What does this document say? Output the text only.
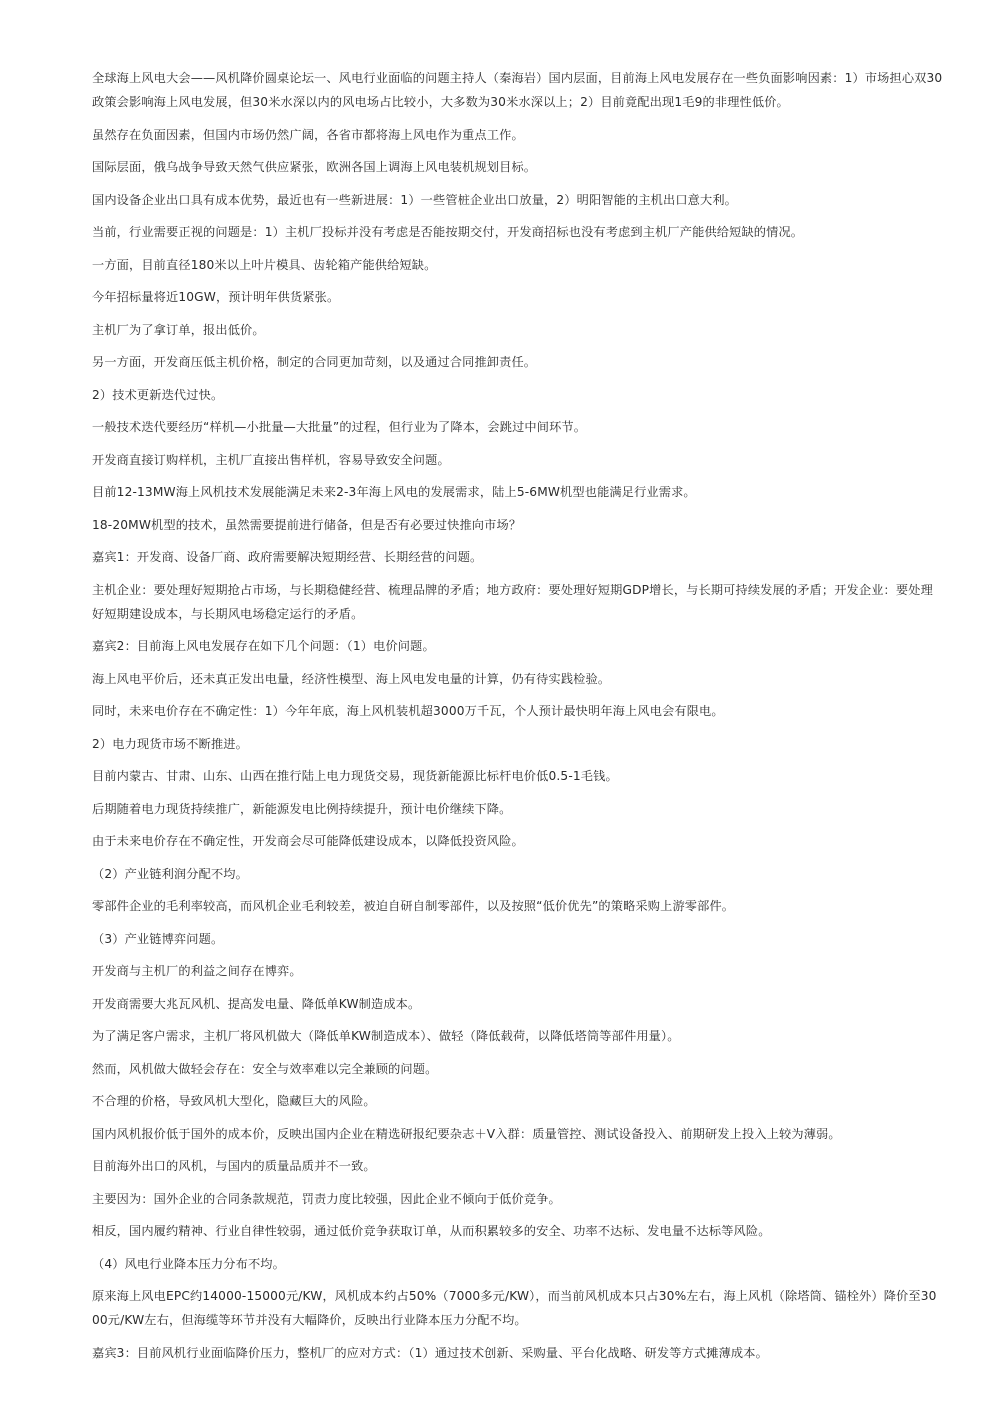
全球海上风电大会——风机降价圆桌论坛一、风电行业面临的问题主持人（秦海岩）国内层面，目前海上风电发展存在一些负面影响因素：1）市场担心双30政策会影响海上风电发展，但30米水深以内的风电场占比较小，大多数为30米水深以上；2）目前竟配出现1毛9的非理性低价。

虽然存在负面因素，但国内市场仍然广阔，各省市都将海上风电作为重点工作。

国际层面，俄乌战争导致天然气供应紧张，欧洲各国上调海上风电装机规划目标。

国内设备企业出口具有成本优势，最近也有一些新进展：1）一些管桩企业出口放量，2）明阳智能的主机出口意大利。

当前，行业需要正视的问题是：1）主机厂投标并没有考虑是否能按期交付，开发商招标也没有考虑到主机厂产能供给短缺的情况。

一方面，目前直径180米以上叶片模具、齿轮箱产能供给短缺。

今年招标量将近10GW，预计明年供货紧张。

主机厂为了拿订单，报出低价。

另一方面，开发商压低主机价格，制定的合同更加苛刻，以及通过合同推卸责任。

2）技术更新迭代过快。

一般技术迭代要经历“样机—小批量—大批量”的过程，但行业为了降本，会跳过中间环节。

开发商直接订购样机，主机厂直接出售样机，容易导致安全问题。

目前12-13MW海上风机技术发展能满足未来2-3年海上风电的发展需求，陆上5-6MW机型也能满足行业需求。

18-20MW机型的技术，虽然需要提前进行储备，但是否有必要过快推向市场？

嘉宾1：开发商、设备厂商、政府需要解决短期经营、长期经营的问题。

主机企业：要处理好短期抢占市场，与长期稳健经营、梳理品牌的矛盾；地方政府：要处理好短期GDP增长，与长期可持续发展的矛盾；开发企业：要处理好短期建设成本，与长期风电场稳定运行的矛盾。

嘉宾2：目前海上风电发展存在如下几个问题：（1）电价问题。

海上风电平价后，还未真正发出电量，经济性模型、海上风电发电量的计算，仍有待实践检验。

同时，未来电价存在不确定性：1）今年年底，海上风机装机超3000万千瓦，个人预计最快明年海上风电会有限电。

2）电力现货市场不断推进。

目前内蒙古、甘肃、山东、山西在推行陆上电力现货交易，现货新能源比标杆电价低0.5-1毛钱。

后期随着电力现货持续推广，新能源发电比例持续提升，预计电价继续下降。

由于未来电价存在不确定性，开发商会尽可能降低建设成本，以降低投资风险。

（2）产业链利润分配不均。

零部件企业的毛利率较高，而风机企业毛利较差，被迫自研自制零部件，以及按照“低价优先”的策略采购上游零部件。

（3）产业链博弈问题。

开发商与主机厂的利益之间存在博弈。

开发商需要大兆瓦风机、提高发电量、降低单KW制造成本。

为了满足客户需求，主机厂将风机做大（降低单KW制造成本）、做轻（降低载荷，以降低塔筒等部件用量）。

然而，风机做大做轻会存在：安全与效率难以完全兼顾的问题。

不合理的价格，导致风机大型化，隐藏巨大的风险。

国内风机报价低于国外的成本价，反映出国内企业在精选研报纪要杂志＋V入群：质量管控、测试设备投入、前期研发上投入上较为薄弱。

目前海外出口的风机，与国内的质量品质并不一致。

主要因为：国外企业的合同条款规范，罚责力度比较强，因此企业不倾向于低价竞争。

相反，国内履约精神、行业自律性较弱，通过低价竞争获取订单，从而积累较多的安全、功率不达标、发电量不达标等风险。

（4）风电行业降本压力分布不均。

原来海上风电EPC约14000-15000元/KW，风机成本约占50%（7000多元/KW），而当前风机成本只占30%左右，海上风机（除塔筒、锚栓外）降价至3000元/KW左右，但海缆等环节并没有大幅降价，反映出行业降本压力分配不均。

嘉宾3：目前风机行业面临降价压力，整机厂的应对方式：（1）通过技术创新、采购量、平台化战略、研发等方式摊薄成本。
